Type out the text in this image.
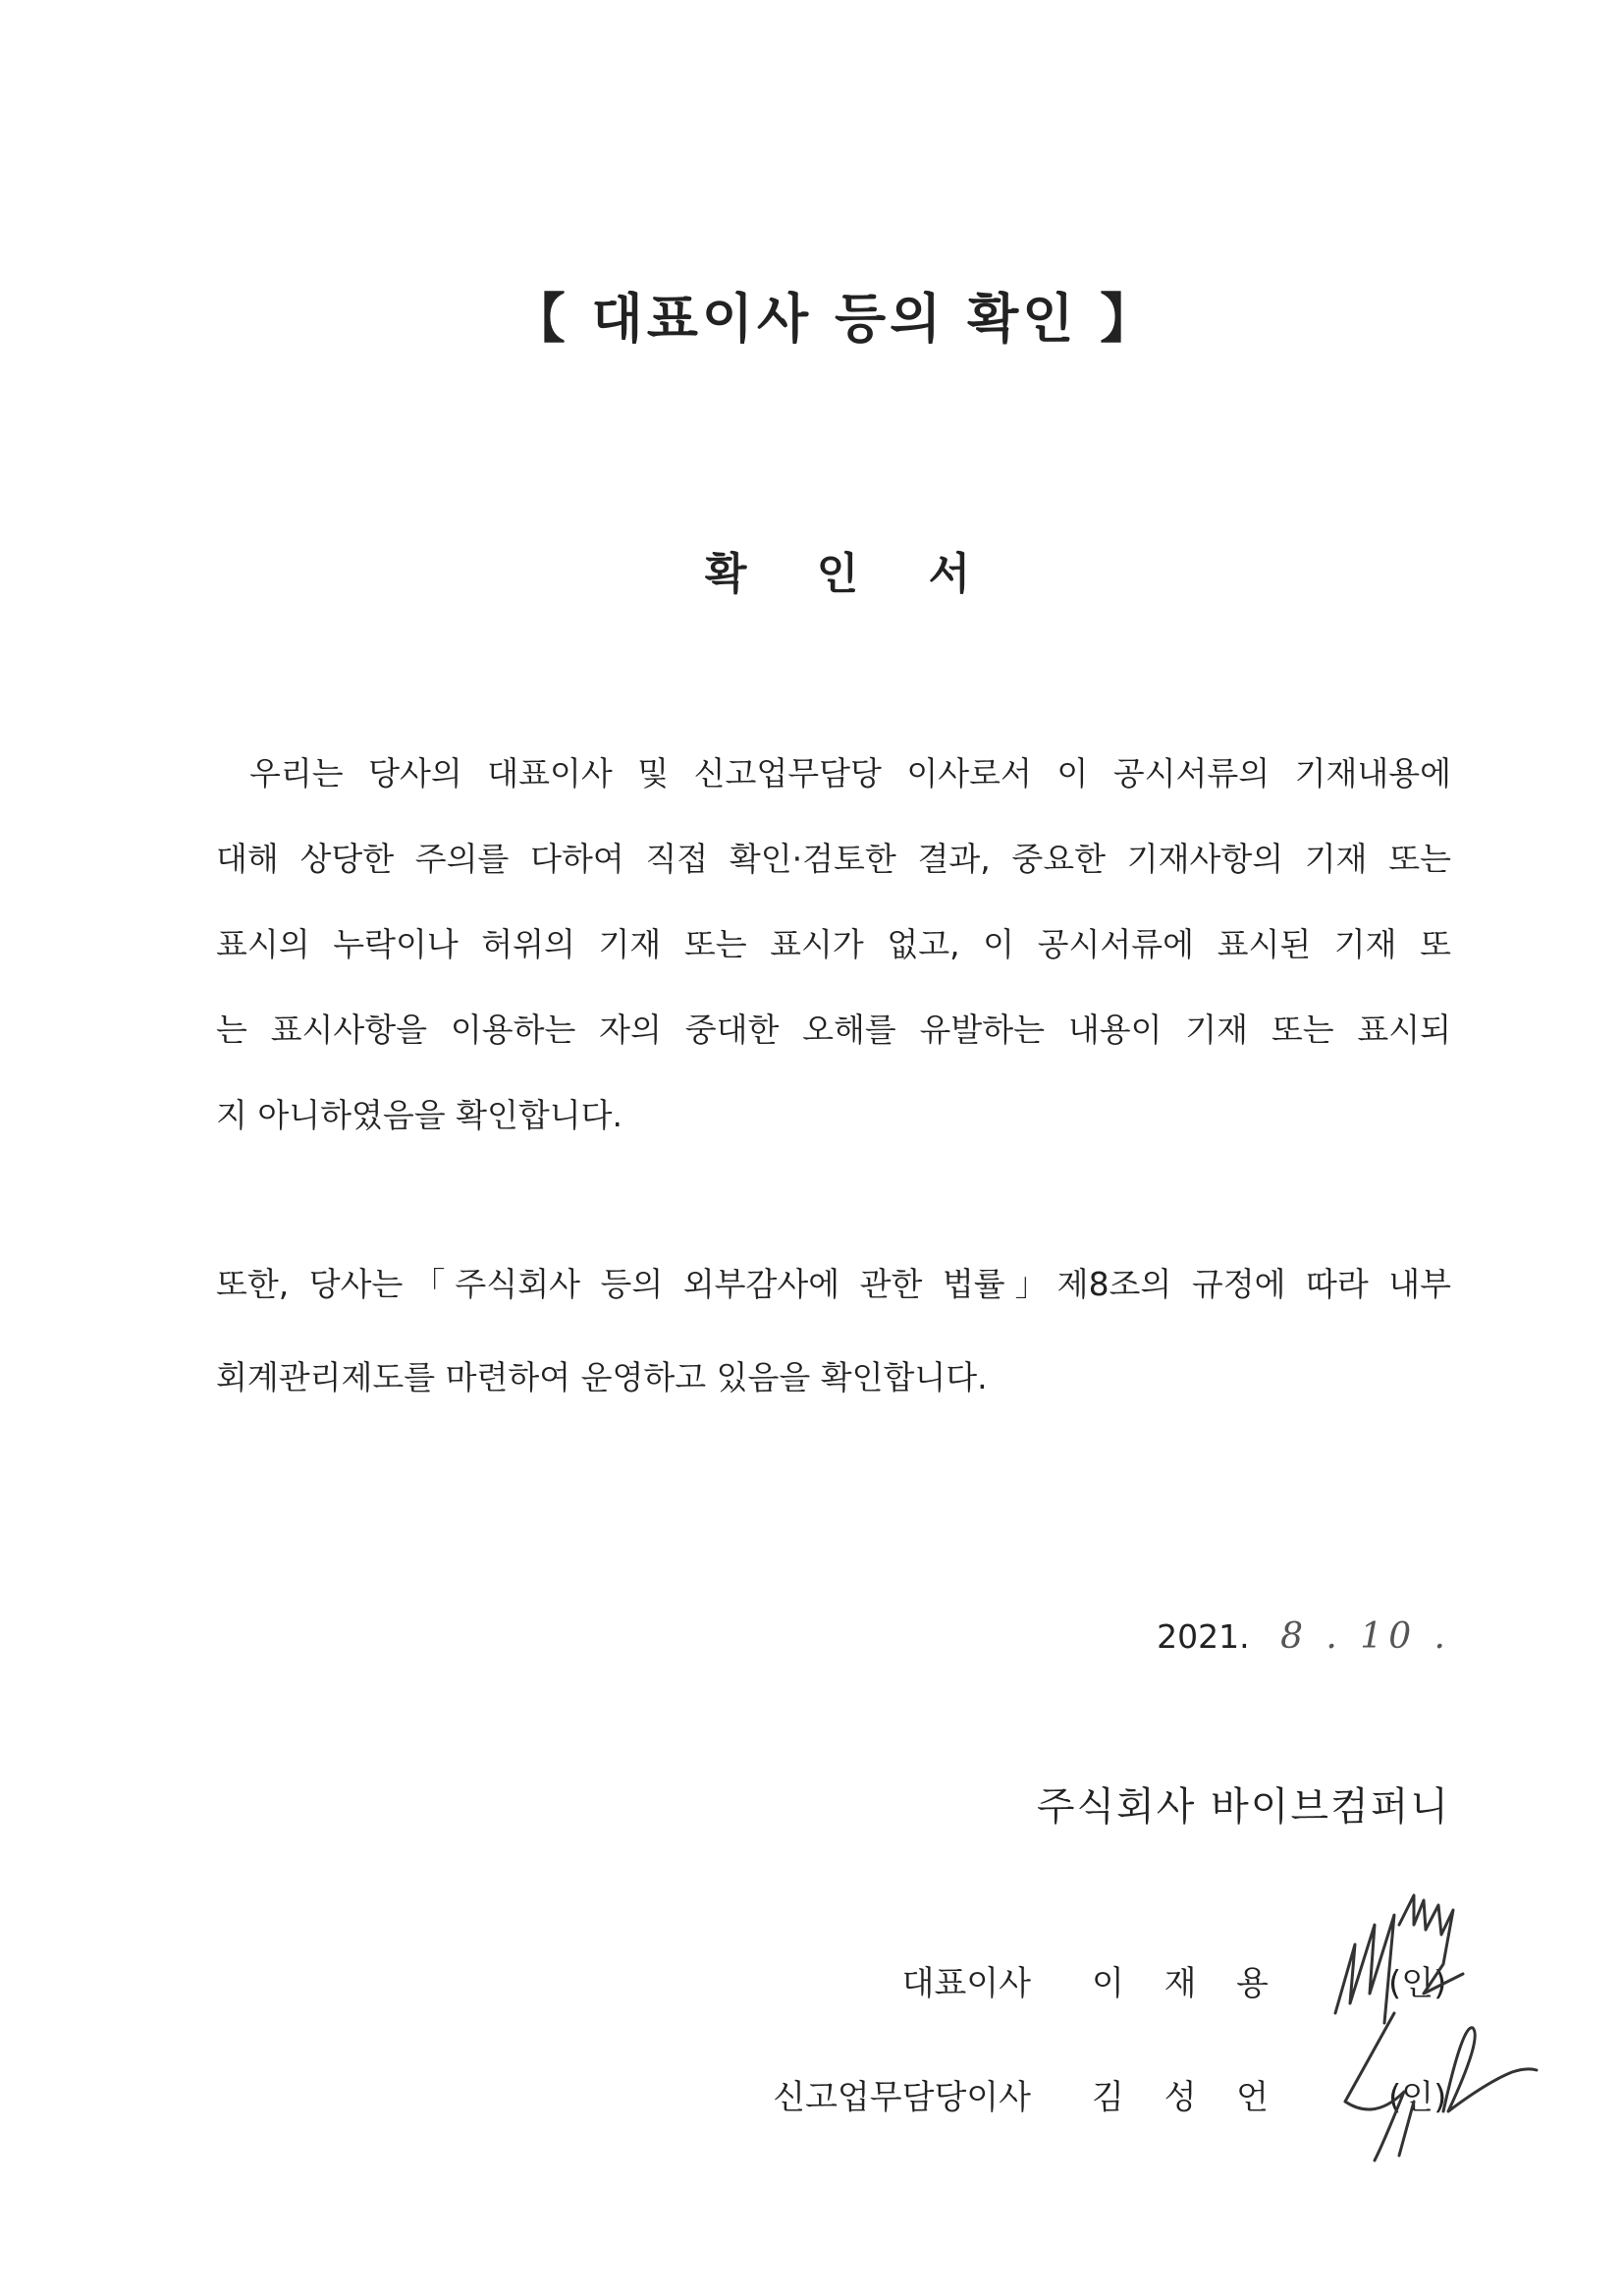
【 대표이사 등의 확인 】
확 인 서
우리는 당사의 대표이사 및 신고업무담당 이사로서 이 공시서류의 기재내용에
대해 상당한 주의를 다하여 직접 확인·검토한 결과, 중요한 기재사항의 기재 또는
표시의 누락이나 허위의 기재 또는 표시가 없고, 이 공시서류에 표시된 기재 또
는 표시사항을 이용하는 자의 중대한 오해를 유발하는 내용이 기재 또는 표시되
지 아니하였음을 확인합니다.
또한, 당사는「주식회사 등의 외부감사에 관한 법률」제8조의 규정에 따라 내부
회계관리제도를 마련하여 운영하고 있음을 확인합니다.
2021. 8 . 10 .
주식회사 바이브컴퍼니
대표이사 이 재 용	(인)
신고업무담당이사 김 성 언	(인)
